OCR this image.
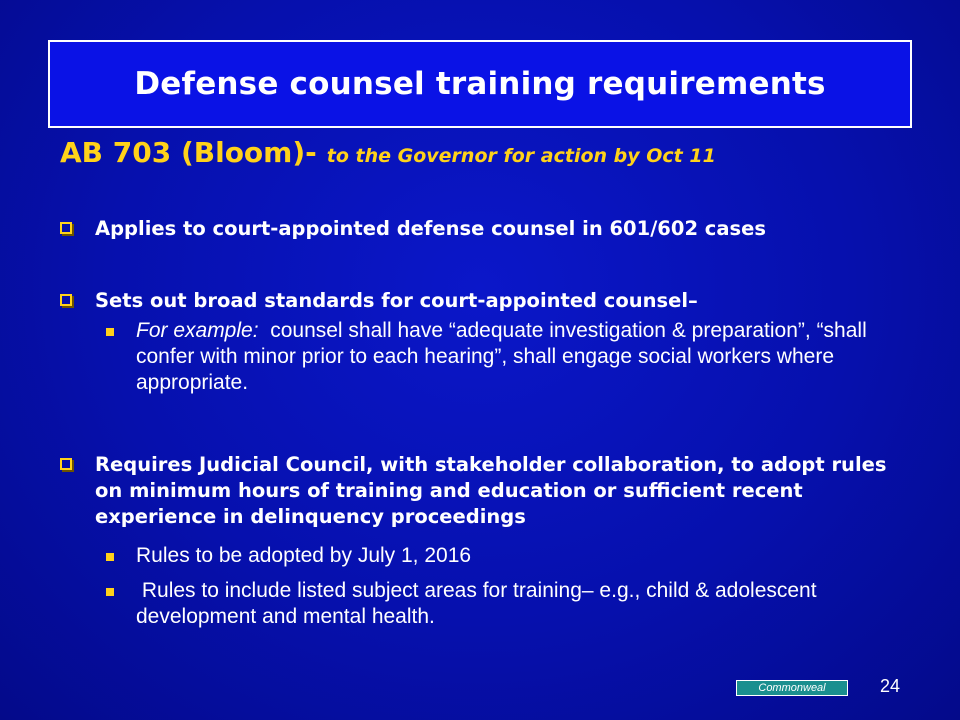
Defense counsel training requirements
AB 703 (Bloom)- to the Governor for action by Oct 11
Applies to court-appointed defense counsel in 601/602 cases
Sets out broad standards for court-appointed counsel–
For example: counsel shall have “adequate investigation & preparation”, “shall confer with minor prior to each hearing”, shall engage social workers where appropriate.
Requires Judicial Council, with stakeholder collaboration, to adopt rules on minimum hours of training and education or sufficient recent experience in delinquency proceedings
Rules to be adopted by July 1, 2016
Rules to include listed subject areas for training– e.g., child & adolescent development and mental health.
Commonweal	24
